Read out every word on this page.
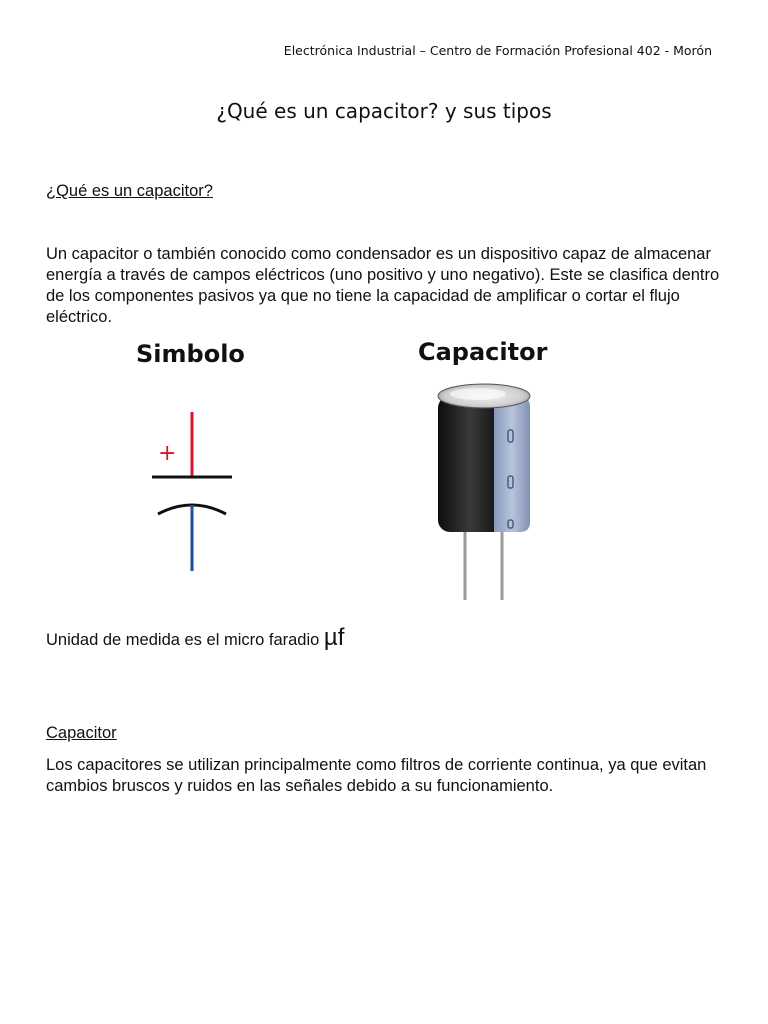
Electrónica Industrial – Centro de Formación Profesional 402 - Morón
¿Qué es un capacitor? y sus tipos
¿Qué es un capacitor?

Un capacitor o también conocido como condensador es un dispositivo capaz de almacenar energía a través de campos eléctricos (uno positivo y uno negativo). Este se clasifica dentro de los componentes pasivos ya que no tiene la capacidad de amplificar o cortar el flujo eléctrico.

Simbolo
+
Capacitor
Unidad de medida es el micro faradio µf
Capacitor

Los capacitores se utilizan principalmente como filtros de corriente continua, ya que evitan cambios bruscos y ruidos en las señales debido a su funcionamiento.
